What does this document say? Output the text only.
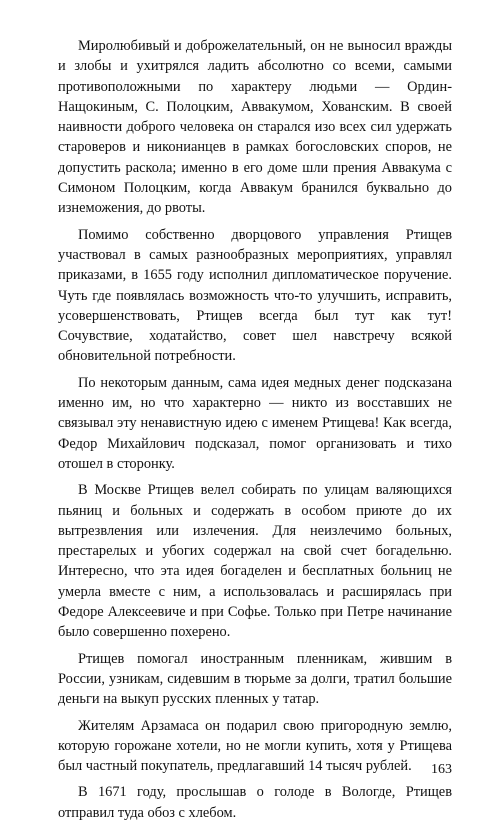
Миролюбивый и доброжелательный, он не выносил вражды и злобы и ухитрялся ладить абсолютно со всеми, самыми противоположными по характеру людьми — Ордин-Нащокиным, С. Полоцким, Аввакумом, Хованским. В своей наивности доброго человека он старался изо всех сил удержать староверов и никонианцев в рамках богословских споров, не допустить раскола; именно в его доме шли прения Аввакума с Симоном Полоцким, когда Аввакум бранился буквально до изнеможения, до рвоты.

Помимо собственно дворцового управления Ртищев участвовал в самых разнообразных мероприятиях, управлял приказами, в 1655 году исполнил дипломатическое поручение. Чуть где появлялась возможность что-то улучшить, исправить, усовершенствовать, Ртищев всегда был тут как тут! Сочувствие, ходатайство, совет шел навстречу всякой обновительной потребности.

По некоторым данным, сама идея медных денег подсказана именно им, но что характерно — никто из восставших не связывал эту ненавистную идею с именем Ртищева! Как всегда, Федор Михайлович подсказал, помог организовать и тихо отошел в сторонку.

В Москве Ртищев велел собирать по улицам валяющихся пьяниц и больных и содержать в особом приюте до их вытрезвления или излечения. Для неизлечимо больных, престарелых и убогих содержал на свой счет богадельню. Интересно, что эта идея богаделен и бесплатных больниц не умерла вместе с ним, а использовалась и расширялась при Федоре Алексеевиче и при Софье. Только при Петре начинание было совершенно похерено.

Ртищев помогал иностранным пленникам, жившим в России, узникам, сидевшим в тюрьме за долги, тратил большие деньги на выкуп русских пленных у татар.

Жителям Арзамаса он подарил свою пригородную землю, которую горожане хотели, но не могли купить, хотя у Ртищева был частный покупатель, предлагавший 14 тысяч рублей.

В 1671 году, прослышав о голоде в Вологде, Ртищев отправил туда обоз с хлебом.

163
